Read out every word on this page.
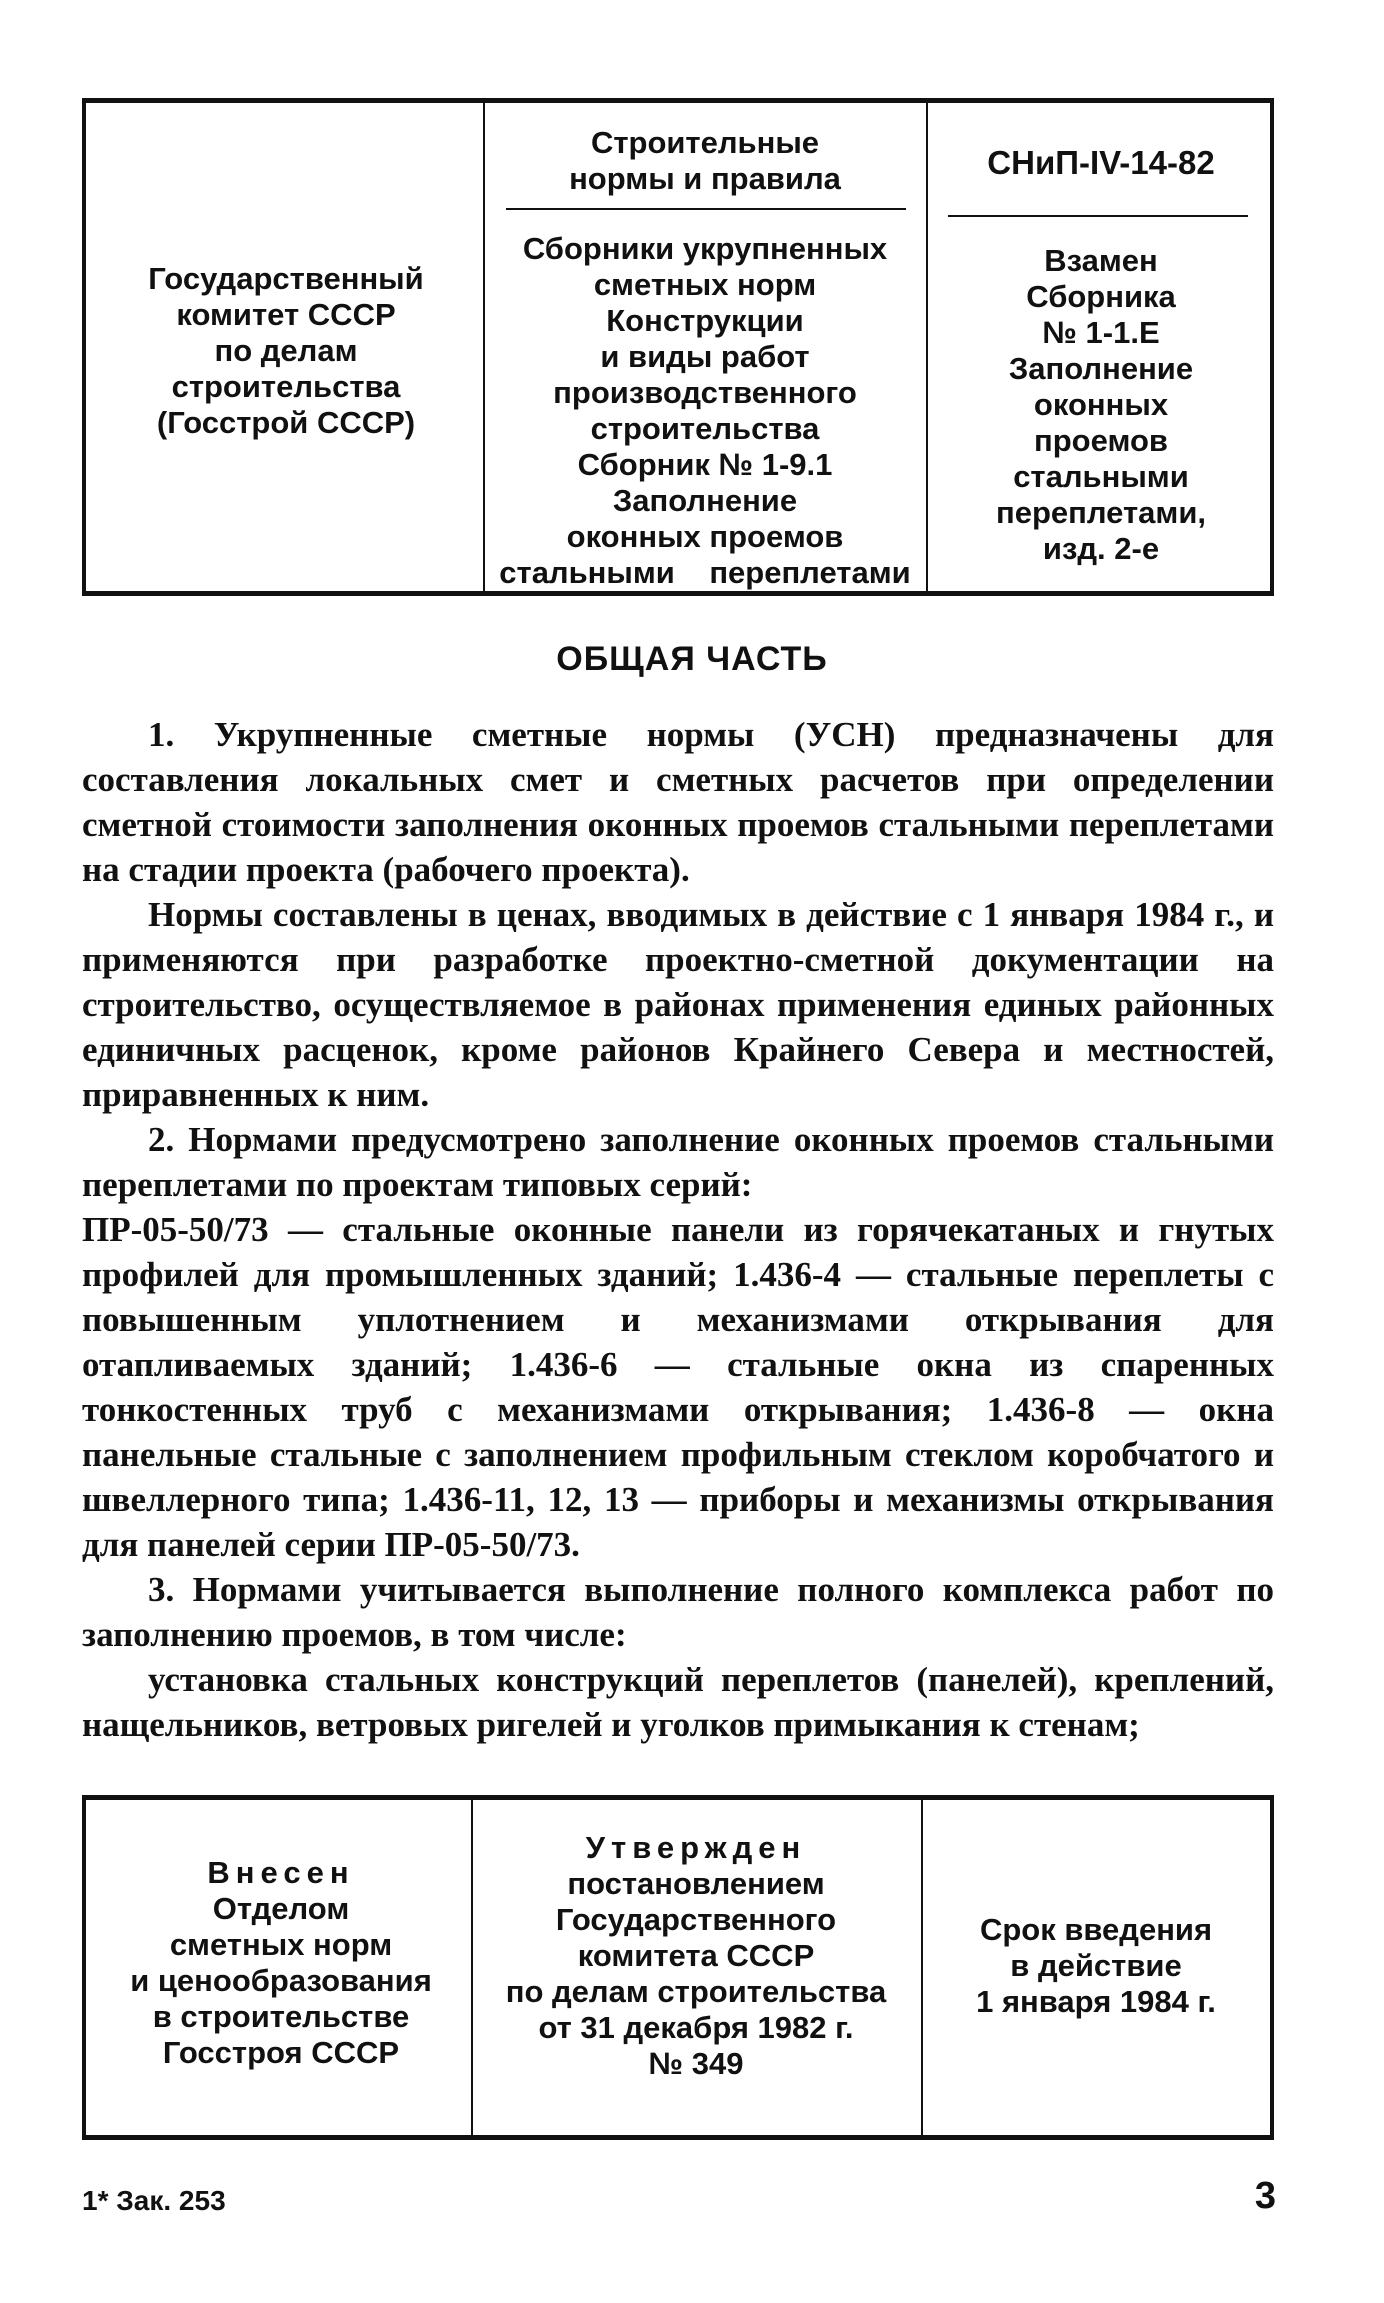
Государственный
комитет СССР
по делам
строительства
(Госстрой СССР)
Строительные
нормы и правила
Сборники укрупненных
сметных норм
Конструкции
и виды работ
производственного
строительства
Сборник № 1-9.1
Заполнение
оконных проемов
стальными    переплетами
СНиП-IV-14-82
Взамен
Сборника
№ 1-1.Е
Заполнение
оконных
проемов
стальными
переплетами,
изд. 2-е
ОБЩАЯ ЧАСТЬ

1. Укрупненные сметные нормы (УСН) предназначены для составления локальных смет и сметных расчетов при определении сметной стоимости заполнения оконных проемов стальными переплетами на стадии проекта (рабочего проекта).

Нормы составлены в ценах, вводимых в действие с 1 января 1984 г., и применяются при разработке проектно-сметной документации на строительство, осуществляемое в районах применения единых районных единичных расценок, кроме районов Крайнего Севера и местностей, приравненных к ним.

2. Нормами предусмотрено заполнение оконных проемов стальными переплетами по проектам типовых серий:

ПР-05-50/73 — стальные оконные панели из горячекатаных и гнутых профилей для промышленных зданий; 1.436-4 — стальные переплеты с повышенным уплотнением и механизмами открывания для отапливаемых зданий; 1.436-6 — стальные окна из спаренных тонкостенных труб с механизмами открывания; 1.436-8 — окна панельные стальные с заполнением профильным стеклом коробчатого и швеллерного типа; 1.436-11, 12, 13 — приборы и механизмы открывания для панелей серии ПР-05-50/73.

3. Нормами учитывается выполнение полного комплекса работ по заполнению проемов, в том числе:

установка стальных конструкций переплетов (панелей), креплений, нащельников, ветровых ригелей и уголков примыкания к стенам;

Внесен
Отделом
сметных норм
и ценообразования
в строительстве
Госстроя СССР
Утвержден
постановлением
Государственного
комитета СССР
по делам строительства
от 31 декабря 1982 г.
№ 349
Срок введения
в действие
1 января 1984 г.
1* Зак. 253	3
